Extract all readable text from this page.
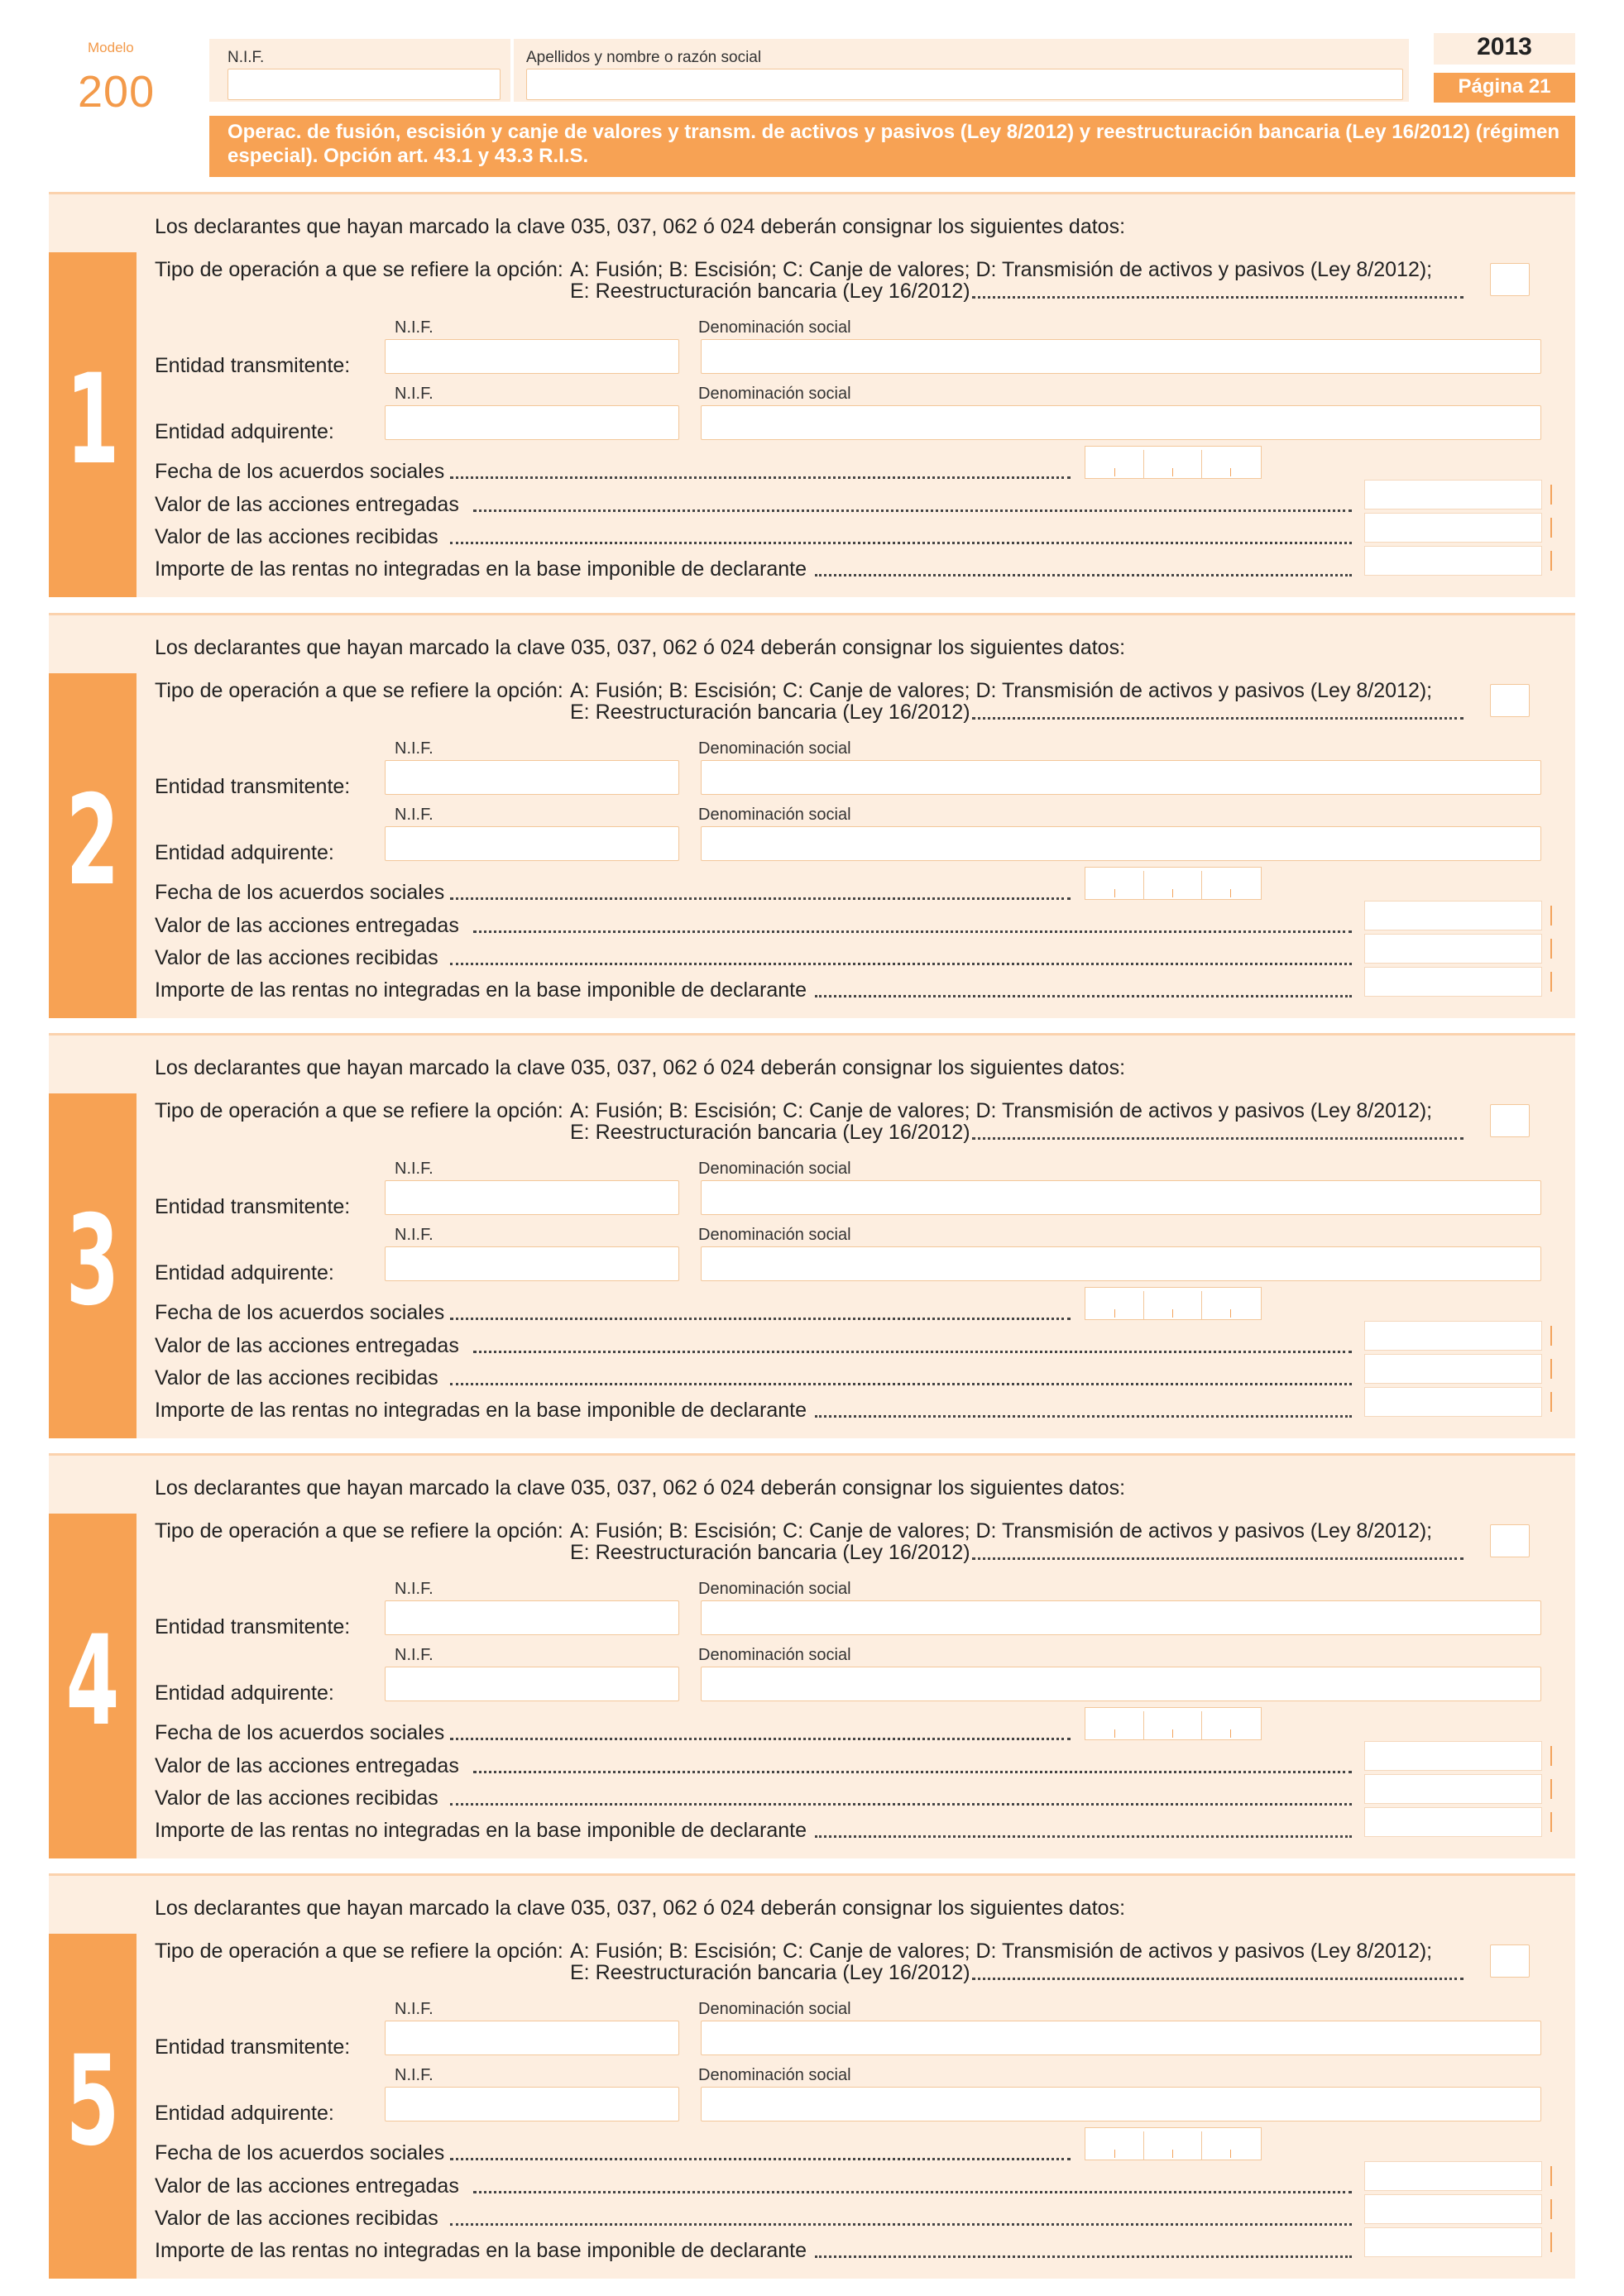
Modelo
200
N.I.F.	Apellidos y nombre o razón social	2013
Página 21
Operac. de fusión, escisión y canje de valores y transm. de activos y pasivos (Ley 8/2012) y reestructuración bancaria (Ley 16/2012) (régimen
especial). Opción art. 43.1 y 43.3 R.I.S.
1
Los declarantes que hayan marcado la clave 035, 037, 062 ó 024 deberán consignar los siguientes datos:
Tipo de operación a que se refiere la opción: A: Fusión; B: Escisión; C: Canje de valores; D: Transmisión de activos y pasivos (Ley 8/2012);
E: Reestructuración bancaria (Ley 16/2012)
N.I.F.	Denominación social
Entidad transmitente:
N.I.F.	Denominación social
Entidad adquirente:
Fecha de los acuerdos sociales
Valor de las acciones entregadas
Valor de las acciones recibidas
Importe de las rentas no integradas en la base imponible de declarante
2
Los declarantes que hayan marcado la clave 035, 037, 062 ó 024 deberán consignar los siguientes datos:
Tipo de operación a que se refiere la opción: A: Fusión; B: Escisión; C: Canje de valores; D: Transmisión de activos y pasivos (Ley 8/2012);
E: Reestructuración bancaria (Ley 16/2012)
N.I.F.	Denominación social
Entidad transmitente:
N.I.F.	Denominación social
Entidad adquirente:
Fecha de los acuerdos sociales
Valor de las acciones entregadas
Valor de las acciones recibidas
Importe de las rentas no integradas en la base imponible de declarante
3
Los declarantes que hayan marcado la clave 035, 037, 062 ó 024 deberán consignar los siguientes datos:
Tipo de operación a que se refiere la opción: A: Fusión; B: Escisión; C: Canje de valores; D: Transmisión de activos y pasivos (Ley 8/2012);
E: Reestructuración bancaria (Ley 16/2012)
N.I.F.	Denominación social
Entidad transmitente:
N.I.F.	Denominación social
Entidad adquirente:
Fecha de los acuerdos sociales
Valor de las acciones entregadas
Valor de las acciones recibidas
Importe de las rentas no integradas en la base imponible de declarante
4
Los declarantes que hayan marcado la clave 035, 037, 062 ó 024 deberán consignar los siguientes datos:
Tipo de operación a que se refiere la opción: A: Fusión; B: Escisión; C: Canje de valores; D: Transmisión de activos y pasivos (Ley 8/2012);
E: Reestructuración bancaria (Ley 16/2012)
N.I.F.	Denominación social
Entidad transmitente:
N.I.F.	Denominación social
Entidad adquirente:
Fecha de los acuerdos sociales
Valor de las acciones entregadas
Valor de las acciones recibidas
Importe de las rentas no integradas en la base imponible de declarante
5
Los declarantes que hayan marcado la clave 035, 037, 062 ó 024 deberán consignar los siguientes datos:
Tipo de operación a que se refiere la opción: A: Fusión; B: Escisión; C: Canje de valores; D: Transmisión de activos y pasivos (Ley 8/2012);
E: Reestructuración bancaria (Ley 16/2012)
N.I.F.	Denominación social
Entidad transmitente:
N.I.F.	Denominación social
Entidad adquirente:
Fecha de los acuerdos sociales
Valor de las acciones entregadas
Valor de las acciones recibidas
Importe de las rentas no integradas en la base imponible de declarante
